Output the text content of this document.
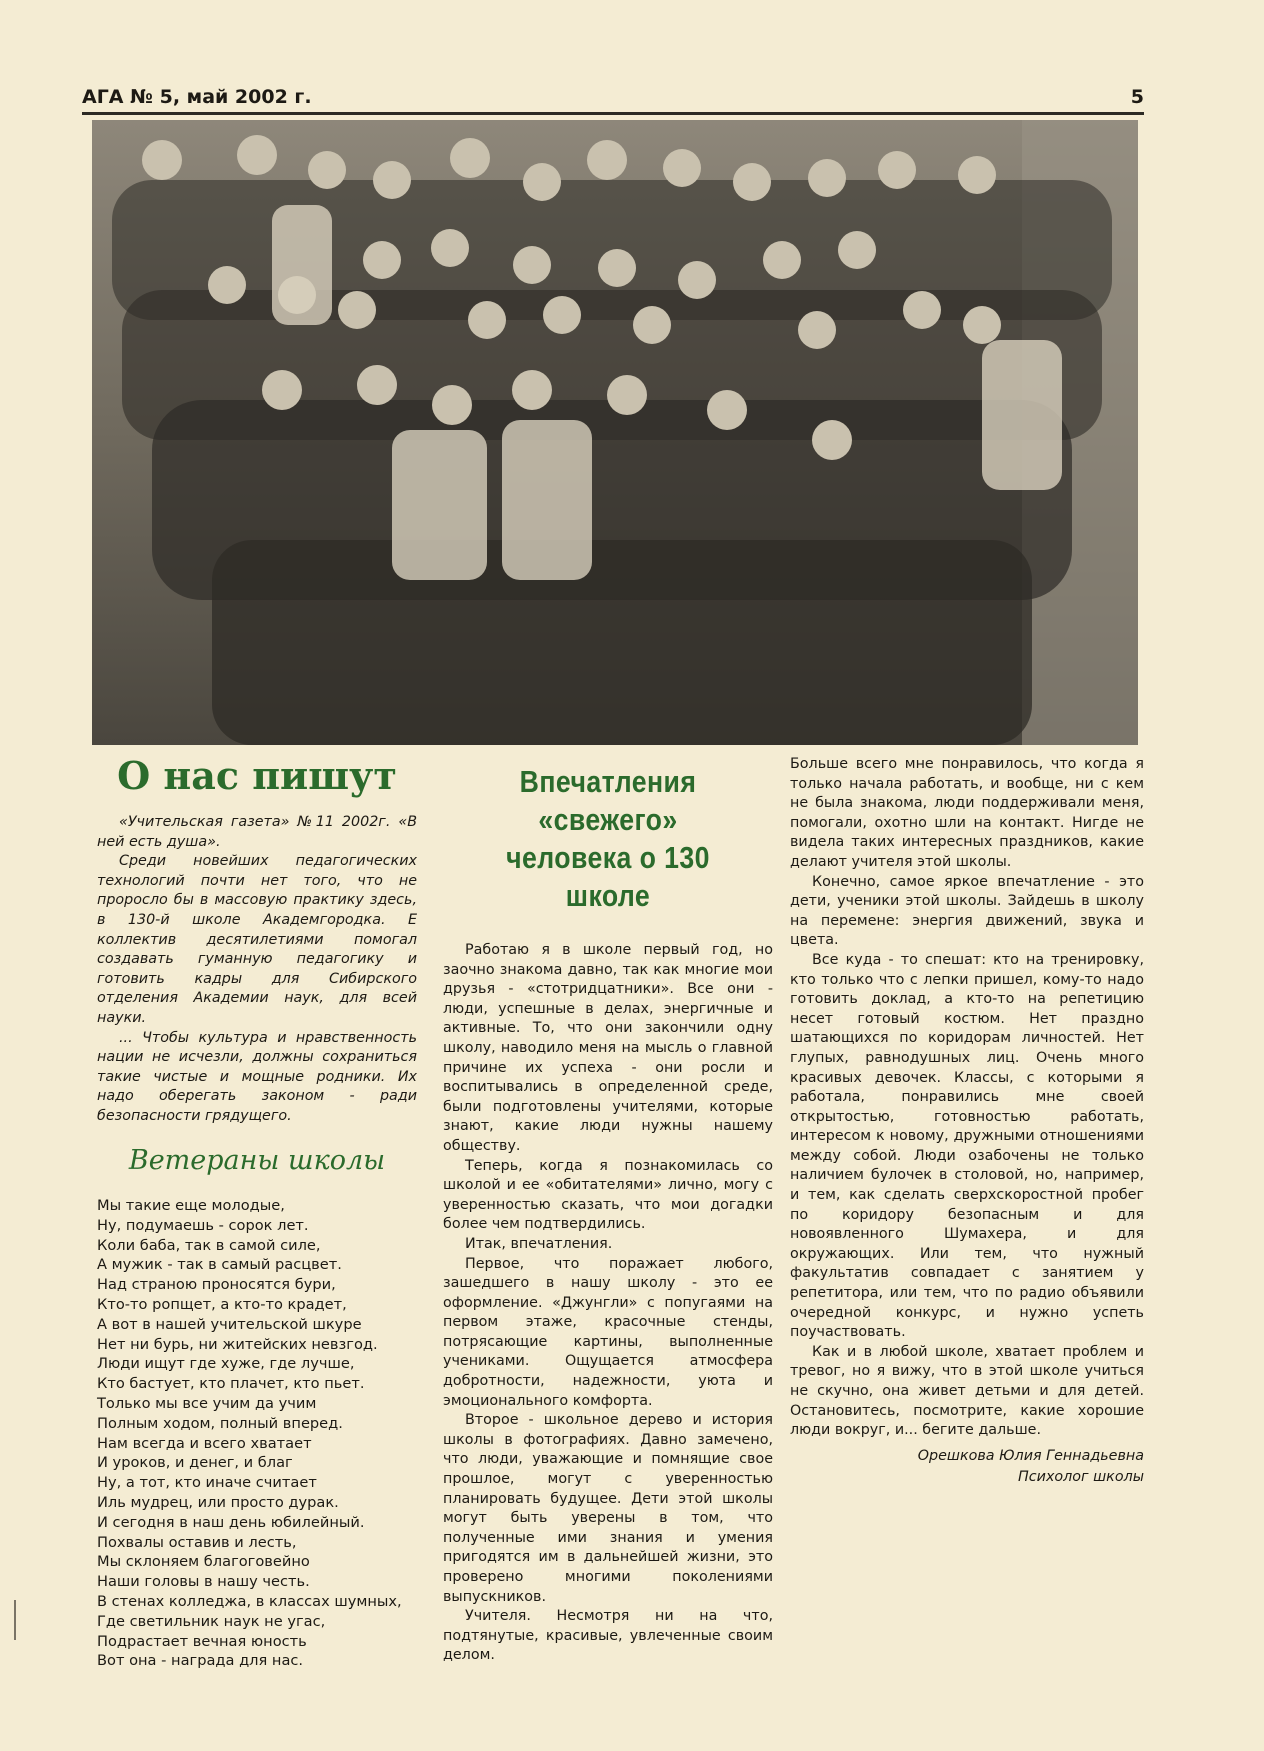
АГА № 5, май 2002 г.	5
О нас пишут

«Учительская газета» №11 2002г. «В ней есть душа».

Среди новейших педагогических технологий почти нет того, что не проросло бы в массовую практику здесь, в 130-й школе Академгородка. Е коллектив десятилетиями помогал создавать гуманную педагогику и готовить кадры для Сибирского отделения Академии наук, для всей науки.

... Чтобы культура и нравственность нации не исчезли, должны сохраниться такие чистые и мощные родники. Их надо оберегать законом - ради безопасности грядущего.

Ветераны школы
Мы такие еще молодые,
Ну, подумаешь - сорок лет.
Коли баба, так в самой силе,
А мужик - так в самый расцвет.
Над страною проносятся бури,
Кто-то ропщет, а кто-то крадет,
А вот в нашей учительской шкуре
Нет ни бурь, ни житейских невзгод.
Люди ищут где хуже, где лучше,
Кто бастует, кто плачет, кто пьет.
Только мы все учим да учим
Полным ходом, полный вперед.
Нам всегда и всего хватает
И уроков, и денег, и благ
Ну, а тот, кто иначе считает
Иль мудрец, или просто дурак.
И сегодня в наш день юбилейный.
Похвалы оставив и лесть,
Мы склоняем благоговейно
Наши головы в нашу честь.
В стенах колледжа, в классах шумных,
Где светильник наук не угас,
Подрастает вечная юность
Вот она - награда для нас.
Впечатления «свежего»
человека о 130 школе

Работаю я в школе первый год, но заочно знакома давно, так как многие мои друзья - «стотридцатники». Все они - люди, успешные в делах, энергичные и активные. То, что они закончили одну школу, наводило меня на мысль о главной причине их успеха - они росли и воспитывались в определенной среде, были подготовлены учителями, которые знают, какие люди нужны нашему обществу.

Теперь, когда я познакомилась со школой и ее «обитателями» лично, могу с уверенностью сказать, что мои догадки более чем подтвердились.

Итак, впечатления.

Первое, что поражает любого, зашедшего в нашу школу - это ее оформление. «Джунгли» с попугаями на первом этаже, красочные стенды, потрясающие картины, выполненные учениками. Ощущается атмосфера добротности, надежности, уюта и эмоционального комфорта.

Второе - школьное дерево и история школы в фотографиях. Давно замечено, что люди, уважающие и помнящие свое прошлое, могут с уверенностью планировать будущее. Дети этой школы могут быть уверены в том, что полученные ими знания и умения пригодятся им в дальнейшей жизни, это проверено многими поколениями выпускников.

Учителя. Несмотря ни на что, подтянутые, красивые, увлеченные своим делом.

Больше всего мне понравилось, что когда я только начала работать, и вообще, ни с кем не была знакома, люди поддерживали меня, помогали, охотно шли на контакт. Нигде не видела таких интересных праздников, какие делают учителя этой школы.

Конечно, самое яркое впечатление - это дети, ученики этой школы. Зайдешь в школу на перемене: энергия движений, звука и цвета.

Все куда - то спешат: кто на тренировку, кто только что с лепки пришел, кому-то надо готовить доклад, а кто-то на репетицию несет готовый костюм. Нет праздно шатающихся по коридорам личностей. Нет глупых, равнодушных лиц. Очень много красивых девочек. Классы, с которыми я работала, понравились мне своей открытостью, готовностью работать, интересом к новому, дружными отношениями между собой. Люди озабочены не только наличием булочек в столовой, но, например, и тем, как сделать сверхскоростной пробег по коридору безопасным и для новоявленного Шумахера, и для окружающих. Или тем, что нужный факультатив совпадает с занятием у репетитора, или тем, что по радио объявили очередной конкурс, и нужно успеть поучаствовать.

Как и в любой школе, хватает проблем и тревог, но я вижу, что в этой школе учиться не скучно, она живет детьми и для детей. Остановитесь, посмотрите, какие хорошие люди вокруг, и... бегите дальше.

Орешкова Юлия Геннадьевна
Психолог школы
